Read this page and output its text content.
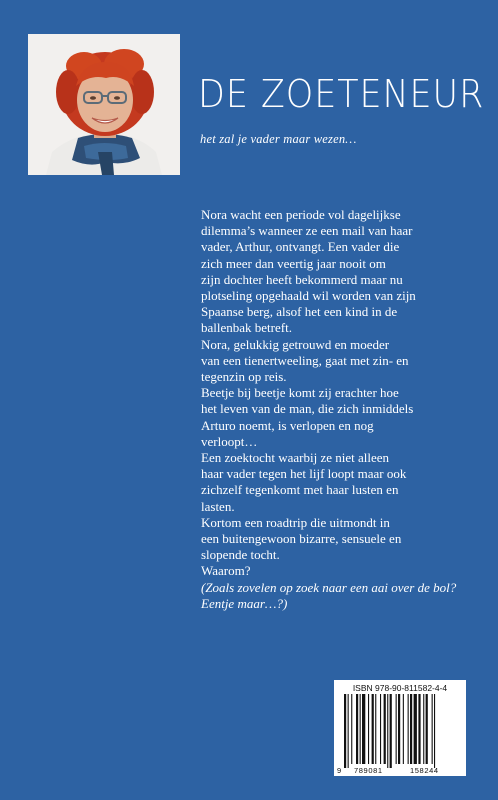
DE ZOETENEUR
het zal je vader maar wezen…
Nora wacht een periode vol dagelijkse
dilemma’s wanneer ze een mail van haar
vader, Arthur, ontvangt. Een vader die
zich meer dan veertig jaar nooit om
zijn dochter heeft bekommerd maar nu
plotseling opgehaald wil worden van zijn
Spaanse berg, alsof het een kind in de
ballenbak betreft.
Nora, gelukkig getrouwd en moeder
van een tienertweeling, gaat met zin- en
tegenzin op reis.
Beetje bij beetje komt zij erachter hoe
het leven van de man, die zich inmiddels
Arturo noemt, is verlopen en nog
verloopt…
Een zoektocht waarbij ze niet alleen
haar vader tegen het lijf loopt maar ook
zichzelf tegenkomt met haar lusten en
lasten.
Kortom een roadtrip die uitmondt in
een buitengewoon bizarre, sensuele en
slopende tocht.
Waarom?
(Zoals zovelen op zoek naar een aai over de bol?
Eentje maar…?)
ISBN 978-90-811582-4-4
9 789081	158244
